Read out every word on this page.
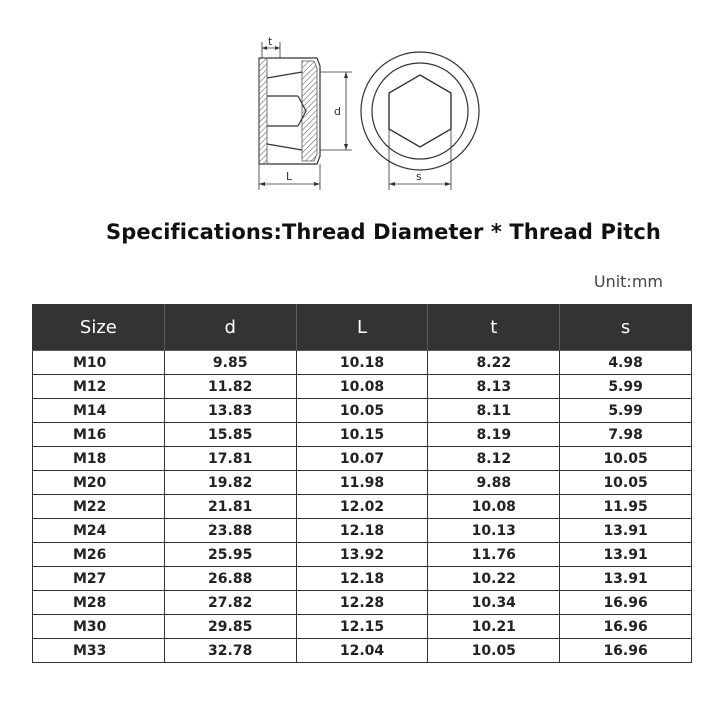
t
d
L	s
Specifications:Thread Diameter * Thread Pitch
Unit:mm
Size	d	L	t	s
M10	9.85	10.18	8.22	4.98
M12	11.82	10.08	8.13	5.99
M14	13.83	10.05	8.11	5.99
M16	15.85	10.15	8.19	7.98
M18	17.81	10.07	8.12	10.05
M20	19.82	11.98	9.88	10.05
M22	21.81	12.02	10.08	11.95
M24	23.88	12.18	10.13	13.91
M26	25.95	13.92	11.76	13.91
M27	26.88	12.18	10.22	13.91
M28	27.82	12.28	10.34	16.96
M30	29.85	12.15	10.21	16.96
M33	32.78	12.04	10.05	16.96
